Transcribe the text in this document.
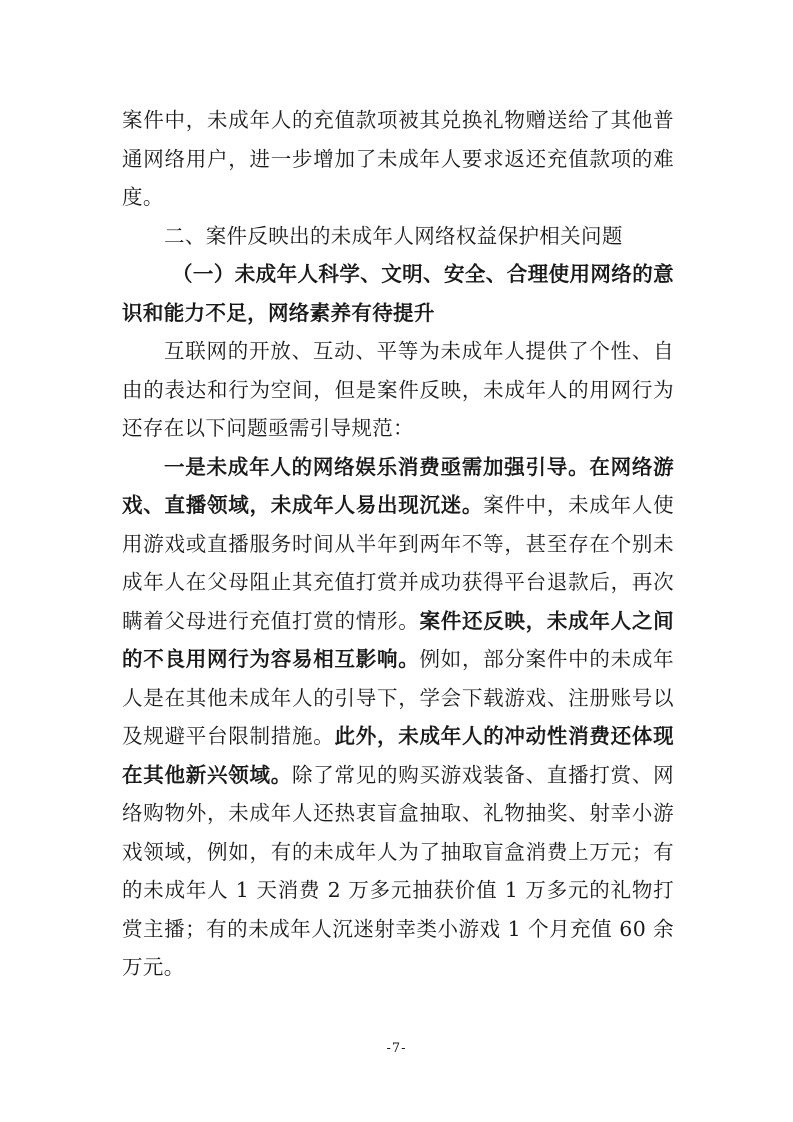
案件中，未成年人的充值款项被其兑换礼物赠送给了其他普通网络用户，进一步增加了未成年人要求返还充值款项的难度。

二、案件反映出的未成年人网络权益保护相关问题

（一）未成年人科学、文明、安全、合理使用网络的意识和能力不足，网络素养有待提升

互联网的开放、互动、平等为未成年人提供了个性、自由的表达和行为空间，但是案件反映，未成年人的用网行为还存在以下问题亟需引导规范：

一是未成年人的网络娱乐消费亟需加强引导。在网络游戏、直播领域，未成年人易出现沉迷。案件中，未成年人使用游戏或直播服务时间从半年到两年不等，甚至存在个别未成年人在父母阻止其充值打赏并成功获得平台退款后，再次瞒着父母进行充值打赏的情形。案件还反映，未成年人之间的不良用网行为容易相互影响。例如，部分案件中的未成年人是在其他未成年人的引导下，学会下载游戏、注册账号以及规避平台限制措施。此外，未成年人的冲动性消费还体现在其他新兴领域。除了常见的购买游戏装备、直播打赏、网络购物外，未成年人还热衷盲盒抽取、礼物抽奖、射幸小游戏领域，例如，有的未成年人为了抽取盲盒消费上万元；有的未成年人 1 天消费 2 万多元抽获价值 1 万多元的礼物打赏主播；有的未成年人沉迷射幸类小游戏 1 个月充值 60 余万元。

-7-
